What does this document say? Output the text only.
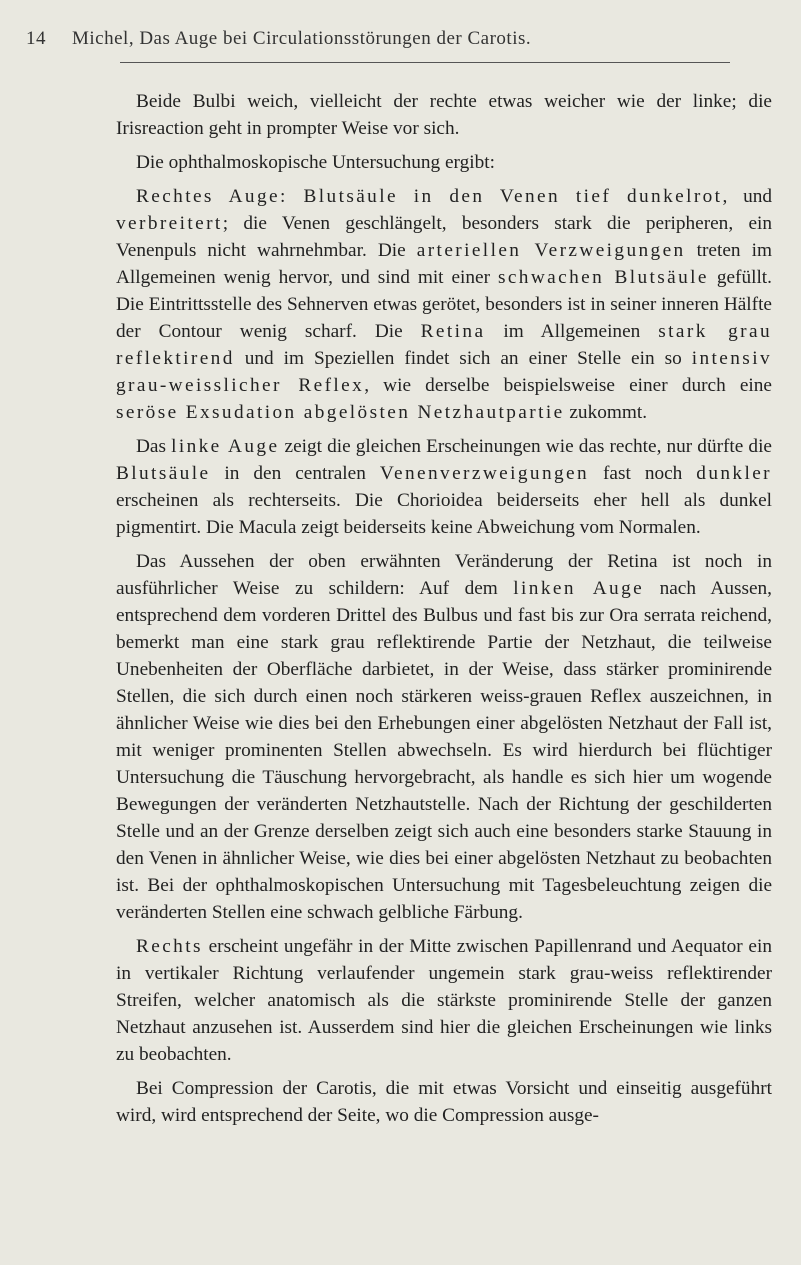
14 Michel, Das Auge bei Circulationsstörungen der Carotis.

Beide Bulbi weich, vielleicht der rechte etwas weicher wie der linke; die Irisreaction geht in prompter Weise vor sich.

Die ophthalmoskopische Untersuchung ergibt:

Rechtes Auge: Blutsäule in den Venen tief dunkelrot, und verbreitert; die Venen geschlängelt, besonders stark die peripheren, ein Venenpuls nicht wahrnehmbar. Die arteriellen Verzweigungen treten im Allgemeinen wenig hervor, und sind mit einer schwachen Blutsäule gefüllt. Die Eintrittsstelle des Sehnerven etwas gerötet, besonders ist in seiner inneren Hälfte der Contour wenig scharf. Die Retina im Allgemeinen stark grau reflektirend und im Speziellen findet sich an einer Stelle ein so intensiv grau-weisslicher Reflex, wie derselbe beispielsweise einer durch eine seröse Exsudation abgelösten Netzhautpartie zukommt.

Das linke Auge zeigt die gleichen Erscheinungen wie das rechte, nur dürfte die Blutsäule in den centralen Venenverzweigungen fast noch dunkler erscheinen als rechterseits. Die Chorioidea beiderseits eher hell als dunkel pigmentirt. Die Macula zeigt beiderseits keine Abweichung vom Normalen.

Das Aussehen der oben erwähnten Veränderung der Retina ist noch in ausführlicher Weise zu schildern: Auf dem linken Auge nach Aussen, entsprechend dem vorderen Drittel des Bulbus und fast bis zur Ora serrata reichend, bemerkt man eine stark grau reflektirende Partie der Netzhaut, die teilweise Unebenheiten der Oberfläche darbietet, in der Weise, dass stärker prominirende Stellen, die sich durch einen noch stärkeren weiss-grauen Reflex auszeichnen, in ähnlicher Weise wie dies bei den Erhebungen einer abgelösten Netzhaut der Fall ist, mit weniger prominenten Stellen abwechseln. Es wird hierdurch bei flüchtiger Untersuchung die Täuschung hervorgebracht, als handle es sich hier um wogende Bewegungen der veränderten Netzhautstelle. Nach der Richtung der geschilderten Stelle und an der Grenze derselben zeigt sich auch eine besonders starke Stauung in den Venen in ähnlicher Weise, wie dies bei einer abgelösten Netzhaut zu beobachten ist. Bei der ophthalmoskopischen Untersuchung mit Tagesbeleuchtung zeigen die veränderten Stellen eine schwach gelbliche Färbung.

Rechts erscheint ungefähr in der Mitte zwischen Papillenrand und Aequator ein in vertikaler Richtung verlaufender ungemein stark grau-weiss reflektirender Streifen, welcher anatomisch als die stärkste prominirende Stelle der ganzen Netzhaut anzusehen ist. Ausserdem sind hier die gleichen Erscheinungen wie links zu beobachten.

Bei Compression der Carotis, die mit etwas Vorsicht und einseitig ausgeführt wird, wird entsprechend der Seite, wo die Compression ausge-
